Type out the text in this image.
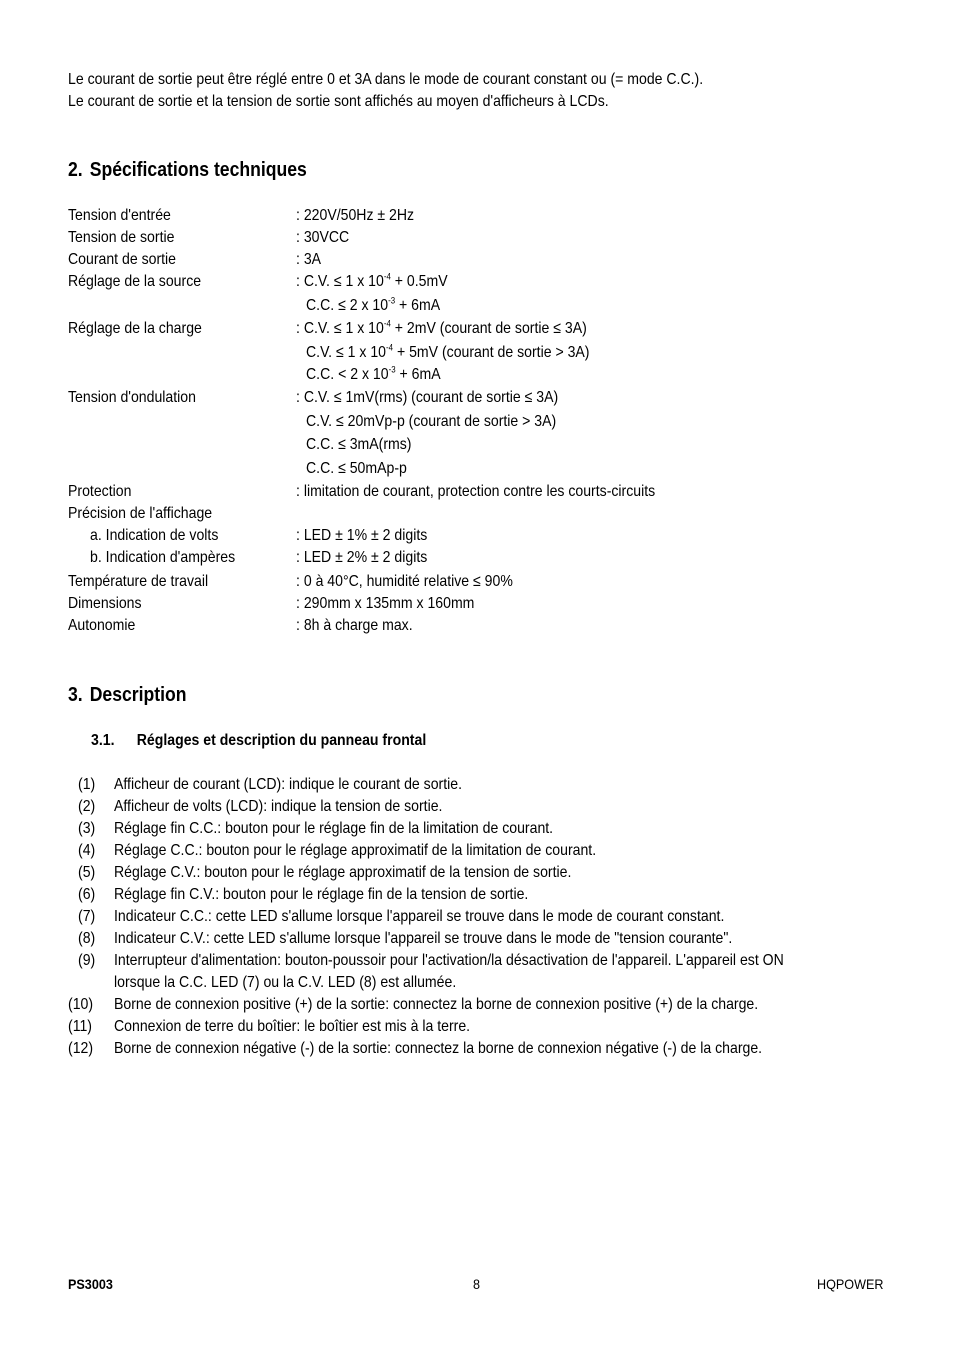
Le courant de sortie peut être réglé entre 0 et 3A dans le mode de courant constant ou (= mode C.C.).
Le courant de sortie et la tension de sortie sont affichés au moyen d'afficheurs à LCDs.
2. Spécifications techniques
Tension d'entrée	: 220V/50Hz ± 2Hz
Tension de sortie	: 30VCC
Courant de sortie	: 3A
Réglage de la source	: C.V. ≤ 1 x $10^{-4} + 0.5mV$
C.C. ≤ 2 x $10^{-3} + 6mA$
Réglage de la charge	: C.V. ≤ 1 x $10^{-4} + 2mV$ (courant de sortie ≤ 3A)
C.V. ≤ 1 x $10^{-4} + 5mV$ (courant de sortie > 3A)
C.C. < 2 x $10^{-3} + 6mA$
Tension d'ondulation	: C.V. ≤ 1mV(rms) (courant de sortie ≤ 3A)
C.V. ≤ 20mVp-p (courant de sortie > 3A)
C.C. ≤ 3mA(rms)
C.C. ≤ 50mAp-p
Protection	: limitation de courant, protection contre les courts-circuits
Précision de l'affichage
a. Indication de volts	: LED ± 1% ± 2 digits
b. Indication d'ampères	: LED ± 2% ± 2 digits
Température de travail	: 0 à 40°C, humidité relative ≤ 90%
Dimensions	: 290mm x 135mm x 160mm
Autonomie	: 8h à charge max.
3. Description
3.1. Réglages et description du panneau frontal
(1) Afficheur de courant (LCD): indique le courant de sortie.
(2) Afficheur de volts (LCD): indique la tension de sortie.
(3) Réglage fin C.C.: bouton pour le réglage fin de la limitation de courant.
(4) Réglage C.C.: bouton pour le réglage approximatif de la limitation de courant.
(5) Réglage C.V.: bouton pour le réglage approximatif de la tension de sortie.
(6) Réglage fin C.V.: bouton pour le réglage fin de la tension de sortie.
(7) Indicateur C.C.: cette LED s'allume lorsque l'appareil se trouve dans le mode de courant constant.
(8) Indicateur C.V.: cette LED s'allume lorsque l'appareil se trouve dans le mode de "tension courante".
(9) Interrupteur d'alimentation: bouton-poussoir pour l'activation/la désactivation de l'appareil. L'appareil est ON
lorsque la C.C. LED (7) ou la C.V. LED (8) est allumée.
(10) Borne de connexion positive (+) de la sortie: connectez la borne de connexion positive (+) de la charge.
(11) Connexion de terre du boîtier: le boîtier est mis à la terre.
(12) Borne de connexion négative (-) de la sortie: connectez la borne de connexion négative (-) de la charge.
PS3003	8	HQPOWER
